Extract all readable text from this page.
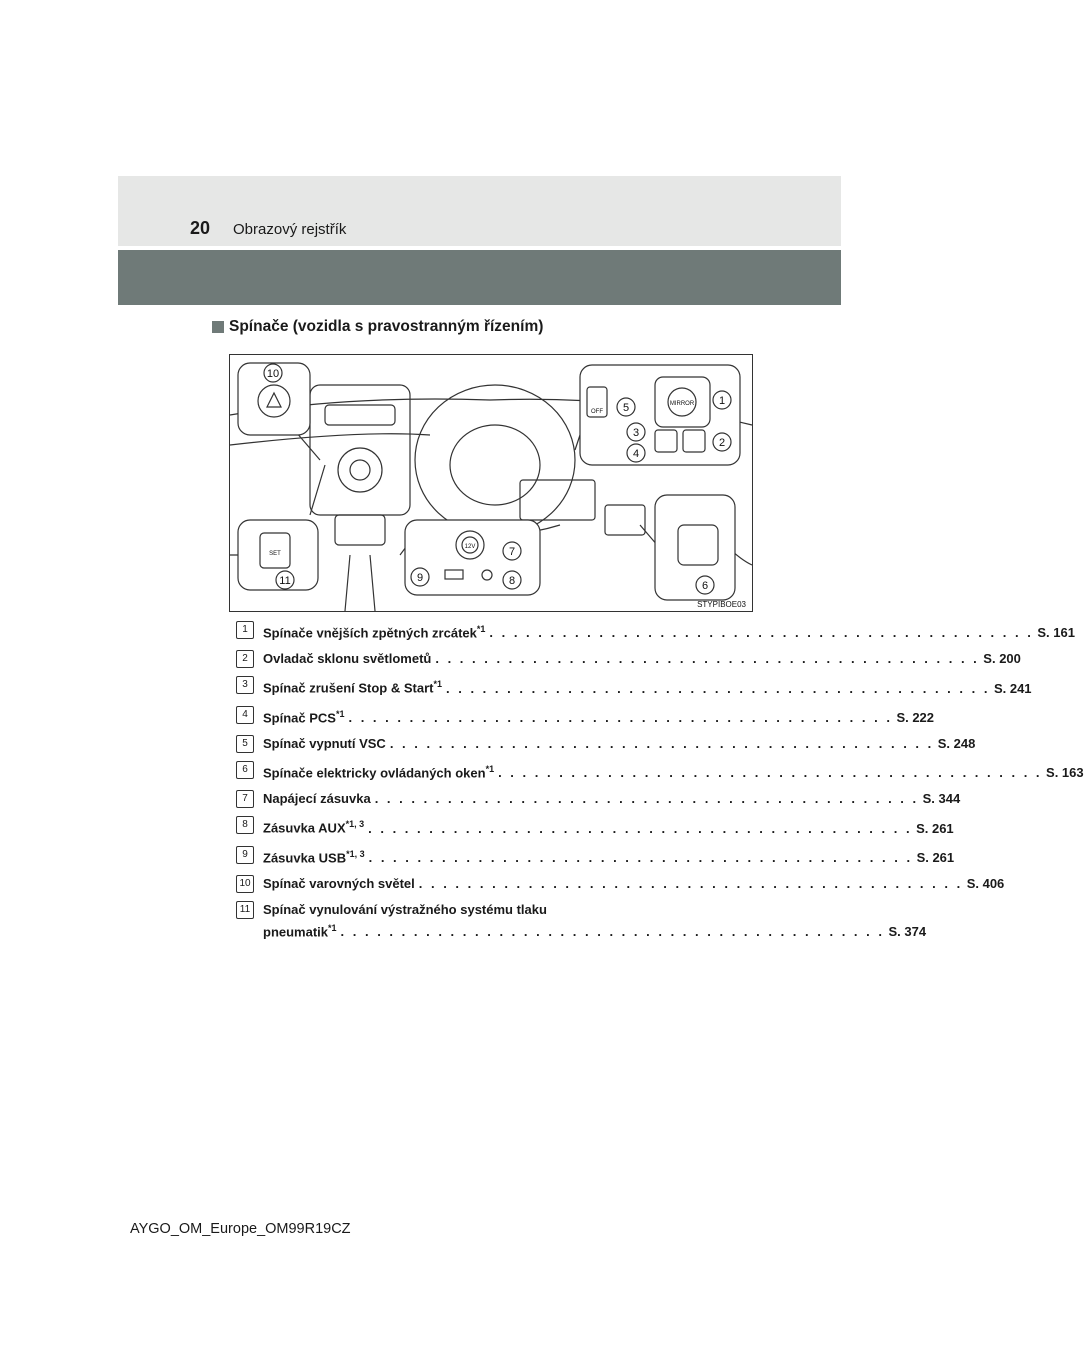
20 Obrazový rejstřík
Spínače (vozidla s pravostranným řízením)
1
2
3
4
5
6
7
8
9
10
11
MIRROR
OFF
12V
SET
STYPIBOE03
1	Spínače vnějších zpětných zrcátek$^{*1}$ . . . . . . . . . . . . . . . . . . . . . . . . . . . . . . . . . . . . . . . . . . . . . S. 161
2	Ovladač sklonu světlometů . . . . . . . . . . . . . . . . . . . . . . . . . . . . . . . . . . . . . . . . . . . . . S. 200
3	Spínač zrušení Stop & Start$^{*1}$ . . . . . . . . . . . . . . . . . . . . . . . . . . . . . . . . . . . . . . . . . . . . . S. 241
4	Spínač PCS$^{*1}$ . . . . . . . . . . . . . . . . . . . . . . . . . . . . . . . . . . . . . . . . . . . . . S. 222
5	Spínač vypnutí VSC . . . . . . . . . . . . . . . . . . . . . . . . . . . . . . . . . . . . . . . . . . . . . S. 248
6	Spínače elektricky ovládaných oken$^{*1}$ . . . . . . . . . . . . . . . . . . . . . . . . . . . . . . . . . . . . . . . . . . . . . S. 163
7	Napájecí zásuvka . . . . . . . . . . . . . . . . . . . . . . . . . . . . . . . . . . . . . . . . . . . . . S. 344
8	Zásuvka AUX$^{*1, 3}$ . . . . . . . . . . . . . . . . . . . . . . . . . . . . . . . . . . . . . . . . . . . . . S. 261
9	Zásuvka USB$^{*1, 3}$ . . . . . . . . . . . . . . . . . . . . . . . . . . . . . . . . . . . . . . . . . . . . . S. 261
10 Spínač varovných světel . . . . . . . . . . . . . . . . . . . . . . . . . . . . . . . . . . . . . . . . . . . . . S. 406
11 Spínač vynulování výstražného systému tlaku
pneumatik$^{*1}$ . . . . . . . . . . . . . . . . . . . . . . . . . . . . . . . . . . . . . . . . . . . . . S. 374
AYGO_OM_Europe_OM99R19CZ
